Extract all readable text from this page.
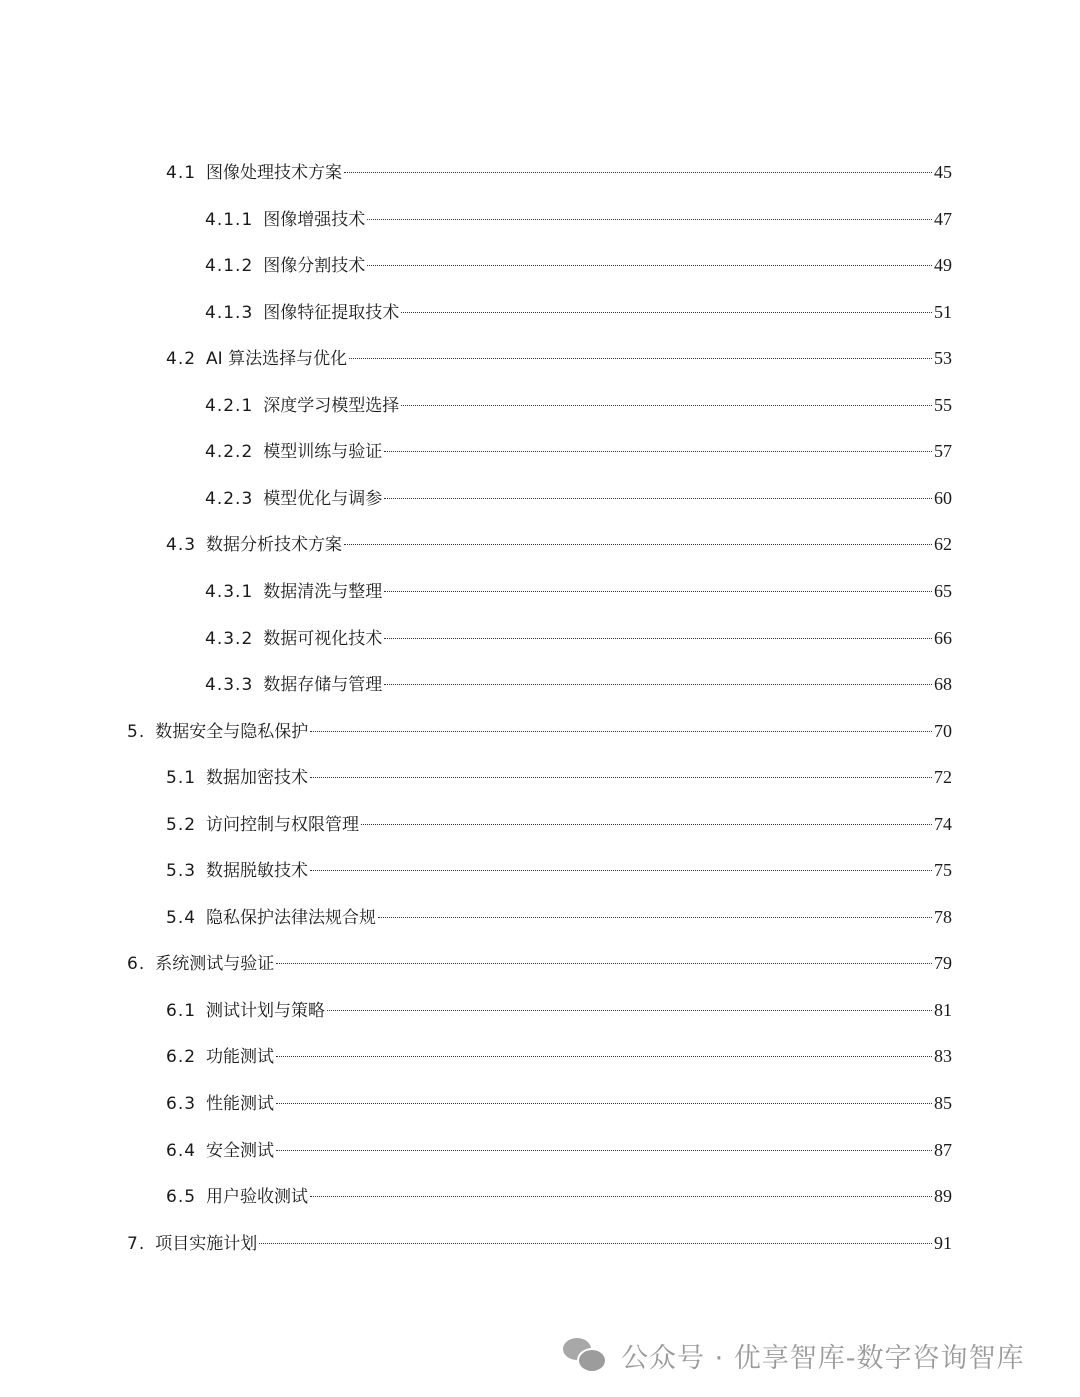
4.1 图像处理技术方案	45
4.1.1 图像增强技术	47
4.1.2 图像分割技术	49
4.1.3 图像特征提取技术	51
4.2 AI 算法选择与优化	53
4.2.1 深度学习模型选择	55
4.2.2 模型训练与验证	57
4.2.3 模型优化与调参	60
4.3 数据分析技术方案	62
4.3.1 数据清洗与整理	65
4.3.2 数据可视化技术	66
4.3.3 数据存储与管理	68
5. 数据安全与隐私保护	70
5.1 数据加密技术	72
5.2 访问控制与权限管理	74
5.3 数据脱敏技术	75
5.4 隐私保护法律法规合规	78
6. 系统测试与验证	79
6.1 测试计划与策略	81
6.2 功能测试	83
6.3 性能测试	85
6.4 安全测试	87
6.5 用户验收测试	89
7. 项目实施计划	91
公众号 · 优享智库-数字咨询智库
